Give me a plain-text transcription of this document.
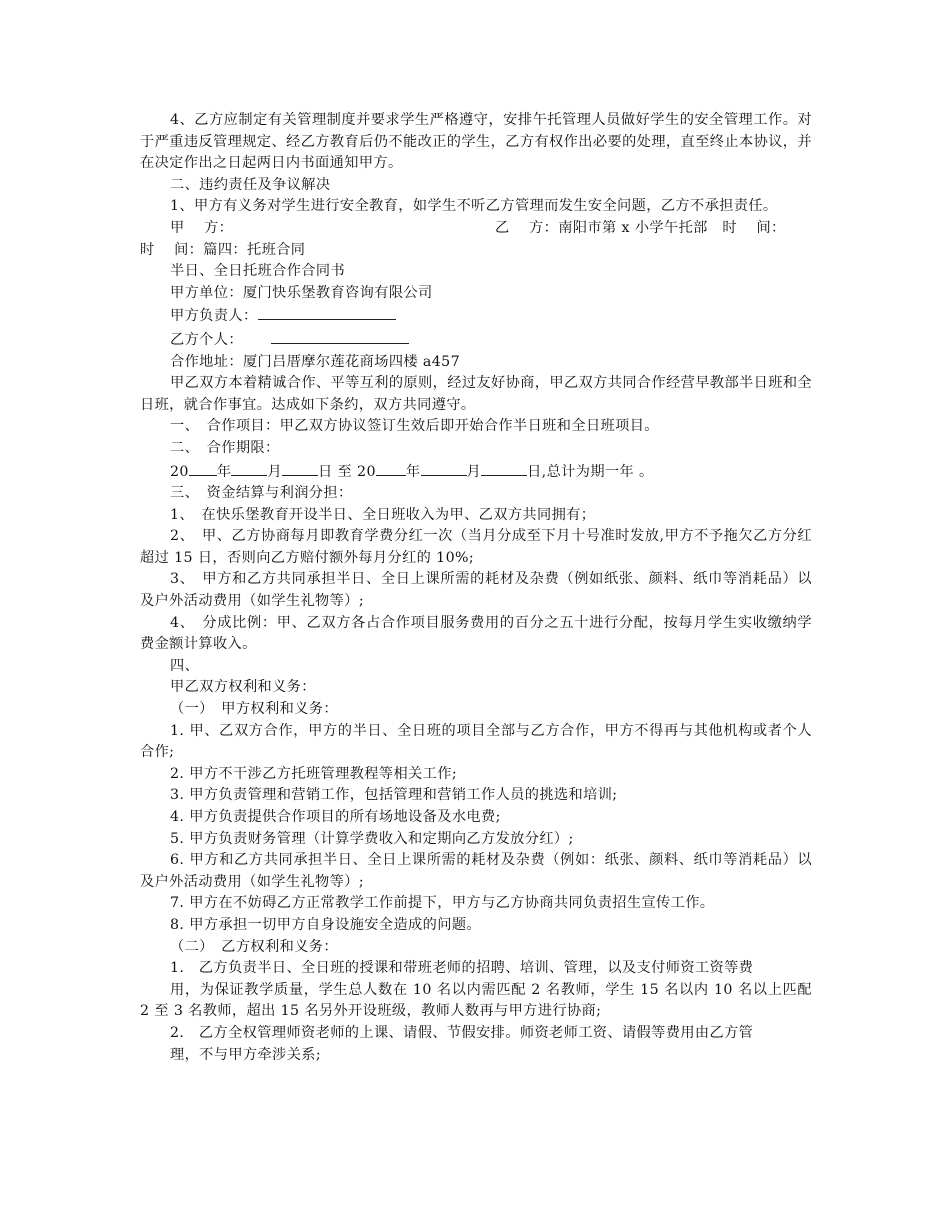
4、乙方应制定有关管理制度并要求学生严格遵守，安排午托管理人员做好学生的安全管理工作。对于严重违反管理规定、经乙方教育后仍不能改正的学生，乙方有权作出必要的处理，直至终止本协议，并在决定作出之日起两日内书面通知甲方。

二、违约责任及争议解决

1、甲方有义务对学生进行安全教育，如学生不听乙方管理而发生安全问题，乙方不承担责任。

甲　 方：	乙　 方：南阳市第 x 小学午托部　时　 间：

时　 间：篇四：托班合同

半日、全日托班合作合同书

甲方单位：厦门快乐堡教育咨询有限公司

甲方负责人：

乙方个人：

合作地址：厦门吕厝摩尔莲花商场四楼 a457

甲乙双方本着精诚合作、平等互利的原则，经过友好协商，甲乙双方共同合作经营早教部半日班和全日班，就合作事宜。达成如下条约，双方共同遵守。

一、　合作项目：甲乙双方协议签订生效后即开始合作半日班和全日班项目。

二、　合作期限：

20 年	月	日 至 20 年	月	日,总计为期一年 。

三、　资金结算与利润分担：

1、　在快乐堡教育开设半日、全日班收入为甲、乙双方共同拥有；

2、　甲、乙方协商每月即教育学费分红一次（当月分成至下月十号准时发放,甲方不予拖欠乙方分红超过 15 日，否则向乙方赔付额外每月分红的 10%;

3、　甲方和乙方共同承担半日、全日上课所需的耗材及杂费（例如纸张、颜料、纸巾等消耗品）以及户外活动费用（如学生礼物等）;

4、　分成比例：甲、乙双方各占合作项目服务费用的百分之五十进行分配，按每月学生实收缴纳学费金额计算收入。

四、

甲乙双方权利和义务：

（一）　甲方权利和义务：

1. 甲、乙双方合作，甲方的半日、全日班的项目全部与乙方合作，甲方不得再与其他机构或者个人合作;

2. 甲方不干涉乙方托班管理教程等相关工作;

3. 甲方负责管理和营销工作，包括管理和营销工作人员的挑选和培训;

4. 甲方负责提供合作项目的所有场地设备及水电费;

5. 甲方负责财务管理（计算学费收入和定期向乙方发放分红）;

6. 甲方和乙方共同承担半日、全日上课所需的耗材及杂费（例如：纸张、颜料、纸巾等消耗品）以及户外活动费用（如学生礼物等）;

7. 甲方在不妨碍乙方正常教学工作前提下，甲方与乙方协商共同负责招生宣传工作。

8. 甲方承担一切甲方自身设施安全造成的问题。

（二）　乙方权利和义务：

1.　乙方负责半日、全日班的授课和带班老师的招聘、培训、管理，以及支付师资工资等费

用，为保证教学质量，学生总人数在 10 名以内需匹配 2 名教师，学生 15 名以内 10 名以上匹配 2 至 3 名教师，超出 15 名另外开设班级，教师人数再与甲方进行协商;

2.　乙方全权管理师资老师的上课、请假、节假安排。师资老师工资、请假等费用由乙方管

理，不与甲方牵涉关系;
